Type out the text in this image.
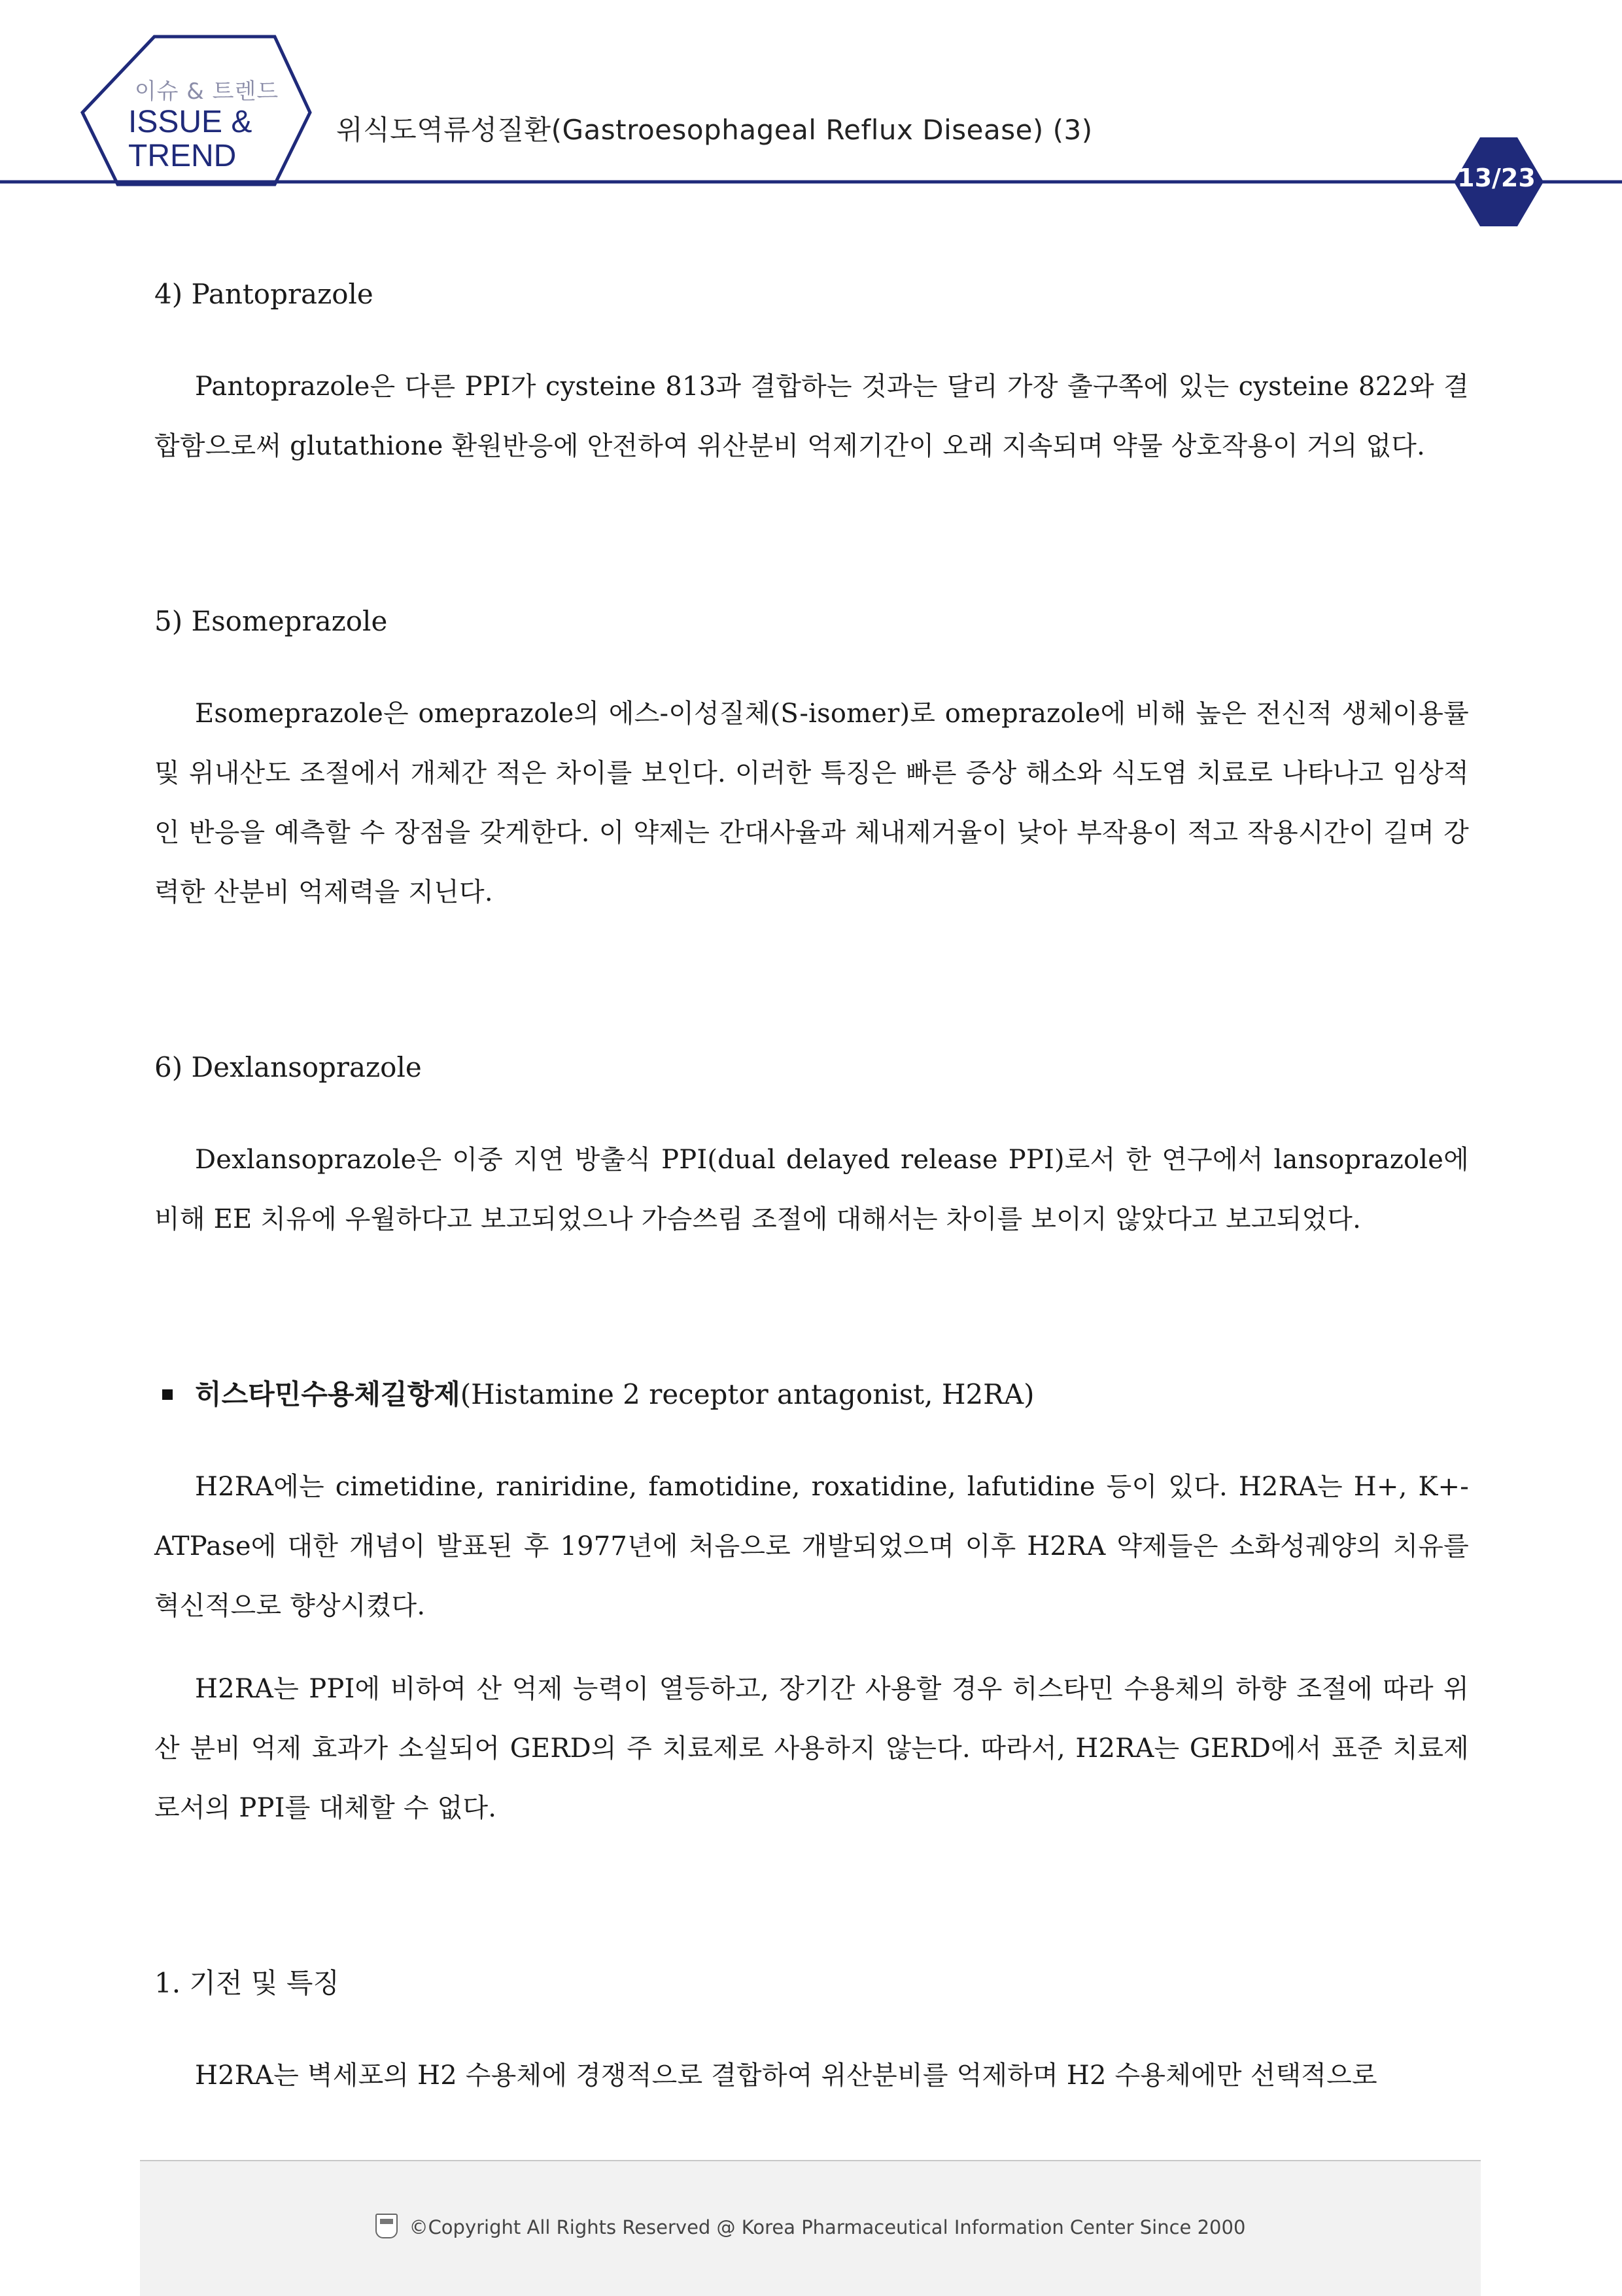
이슈 & 트렌드
ISSUE &
TREND
위식도역류성질환(Gastroesophageal Reflux Disease) (3)
13/23

4) Pantoprazole

Pantoprazole은 다른 PPI가 cysteine 813과 결합하는 것과는 달리 가장 출구쪽에 있는 cysteine 822와 결합함으로써 glutathione 환원반응에 안전하여 위산분비 억제기간이 오래 지속되며 약물 상호작용이 거의 없다.

5) Esomeprazole

Esomeprazole은 omeprazole의 에스-이성질체(S-isomer)로 omeprazole에 비해 높은 전신적 생체이용률 및 위내산도 조절에서 개체간 적은 차이를 보인다. 이러한 특징은 빠른 증상 해소와 식도염 치료로 나타나고 임상적인 반응을 예측할 수 장점을 갖게한다. 이 약제는 간대사율과 체내제거율이 낮아 부작용이 적고 작용시간이 길며 강력한 산분비 억제력을 지닌다.

6) Dexlansoprazole

Dexlansoprazole은 이중 지연 방출식 PPI(dual delayed release PPI)로서 한 연구에서 lansoprazole에 비해 EE 치유에 우월하다고 보고되었으나 가슴쓰림 조절에 대해서는 차이를 보이지 않았다고 보고되었다.

히스타민수용체길항제(Histamine 2 receptor antagonist, H2RA)

H2RA에는 cimetidine, raniridine, famotidine, roxatidine, lafutidine 등이 있다. H2RA는 H+, K+-ATPase에 대한 개념이 발표된 후 1977년에 처음으로 개발되었으며 이후 H2RA 약제들은 소화성궤양의 치유를 혁신적으로 향상시켰다.

H2RA는 PPI에 비하여 산 억제 능력이 열등하고, 장기간 사용할 경우 히스타민 수용체의 하향 조절에 따라 위산 분비 억제 효과가 소실되어 GERD의 주 치료제로 사용하지 않는다. 따라서, H2RA는 GERD에서 표준 치료제로서의 PPI를 대체할 수 없다.

1. 기전 및 특징

H2RA는 벽세포의 H2 수용체에 경쟁적으로 결합하여 위산분비를 억제하며 H2 수용체에만 선택적으로

©Copyright All Rights Reserved @ Korea Pharmaceutical Information Center Since 2000
